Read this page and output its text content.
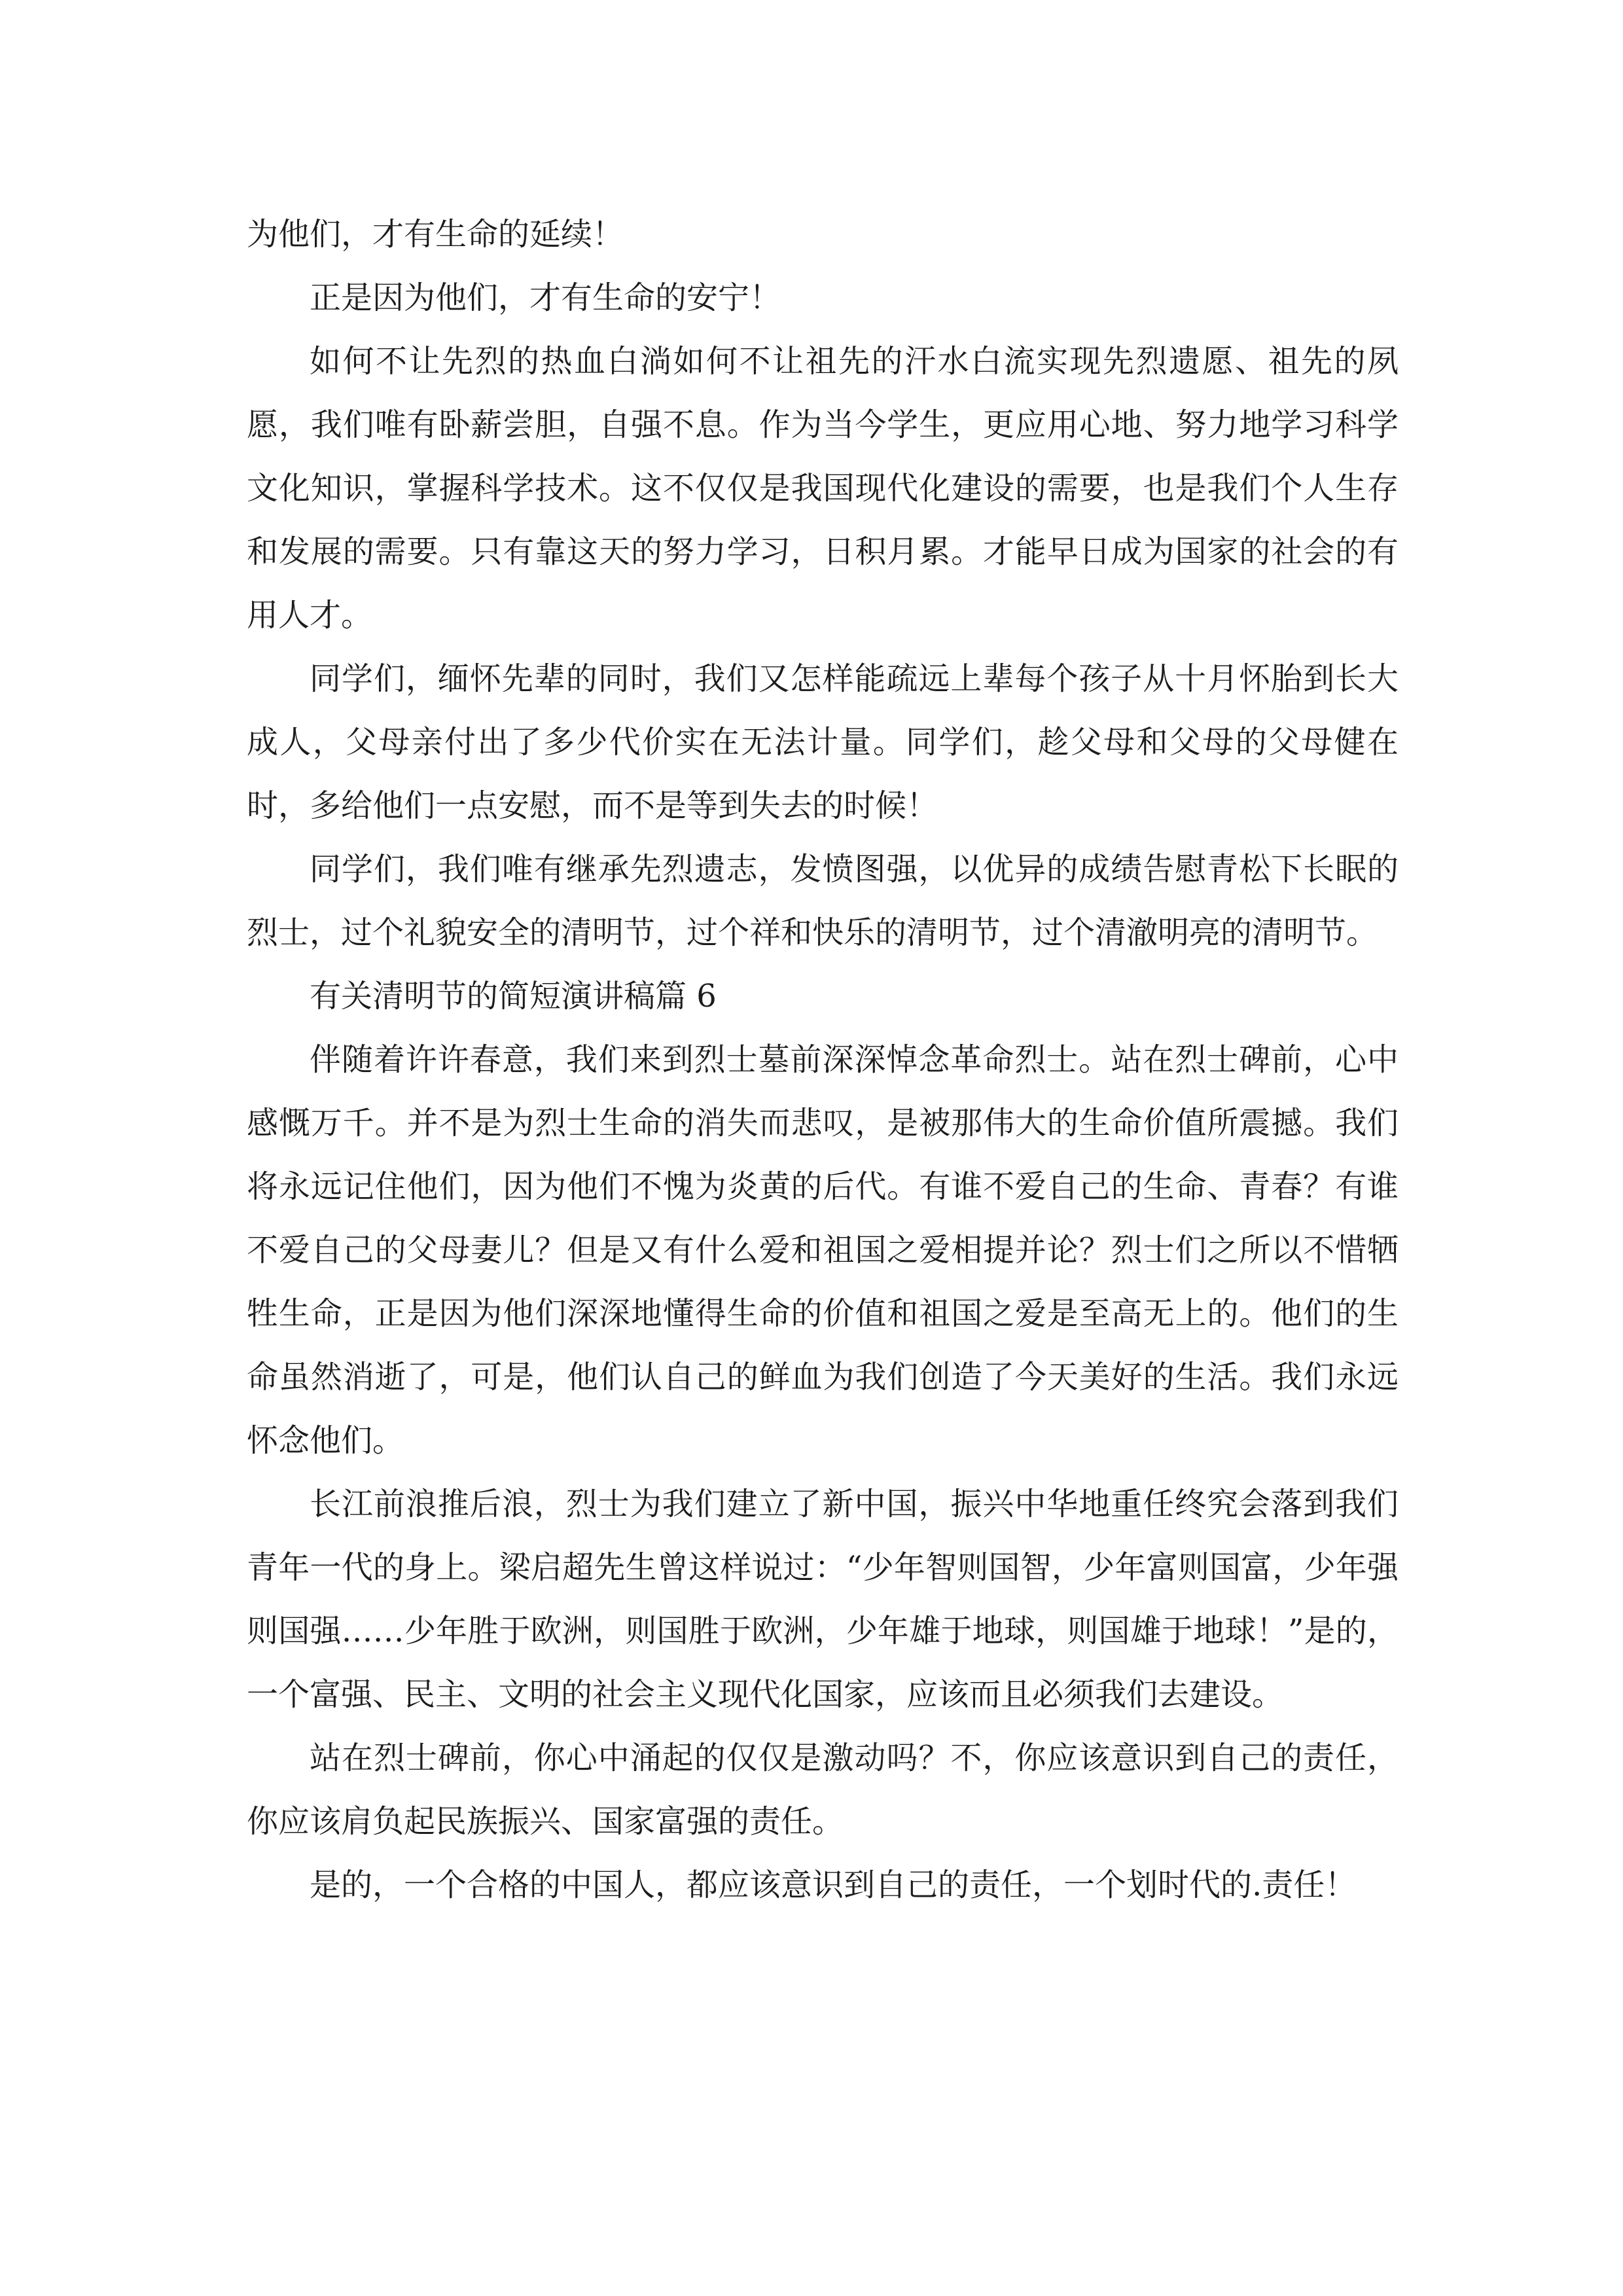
为他们，才有生命的延续！

正是因为他们，才有生命的安宁！

如何不让先烈的热血白淌如何不让祖先的汗水白流实现先烈遗愿、祖先的夙愿，我们唯有卧薪尝胆，自强不息。作为当今学生，更应用心地、努力地学习科学文化知识，掌握科学技术。这不仅仅是我国现代化建设的需要，也是我们个人生存和发展的需要。只有靠这天的努力学习，日积月累。才能早日成为国家的社会的有用人才。

同学们，缅怀先辈的同时，我们又怎样能疏远上辈每个孩子从十月怀胎到长大成人，父母亲付出了多少代价实在无法计量。同学们，趁父母和父母的父母健在时，多给他们一点安慰，而不是等到失去的时候！

同学们，我们唯有继承先烈遗志，发愤图强，以优异的成绩告慰青松下长眠的烈士，过个礼貌安全的清明节，过个祥和快乐的清明节，过个清澈明亮的清明节。

有关清明节的简短演讲稿篇 6

伴随着许许春意，我们来到烈士墓前深深悼念革命烈士。站在烈士碑前，心中感慨万千。并不是为烈士生命的消失而悲叹，是被那伟大的生命价值所震撼。我们将永远记住他们，因为他们不愧为炎黄的后代。有谁不爱自己的生命、青春？有谁不爱自己的父母妻儿？但是又有什么爱和祖国之爱相提并论？烈士们之所以不惜牺牲生命，正是因为他们深深地懂得生命的价值和祖国之爱是至高无上的。他们的生命虽然消逝了，可是，他们认自己的鲜血为我们创造了今天美好的生活。我们永远怀念他们。

长江前浪推后浪，烈士为我们建立了新中国，振兴中华地重任终究会落到我们青年一代的身上。梁启超先生曾这样说过：“少年智则国智，少年富则国富，少年强则国强……少年胜于欧洲，则国胜于欧洲，少年雄于地球，则国雄于地球！”是的，一个富强、民主、文明的社会主义现代化国家，应该而且必须我们去建设。

站在烈士碑前，你心中涌起的仅仅是激动吗？不，你应该意识到自己的责任，你应该肩负起民族振兴、国家富强的责任。

是的，一个合格的中国人，都应该意识到自己的责任，一个划时代的.责任！
